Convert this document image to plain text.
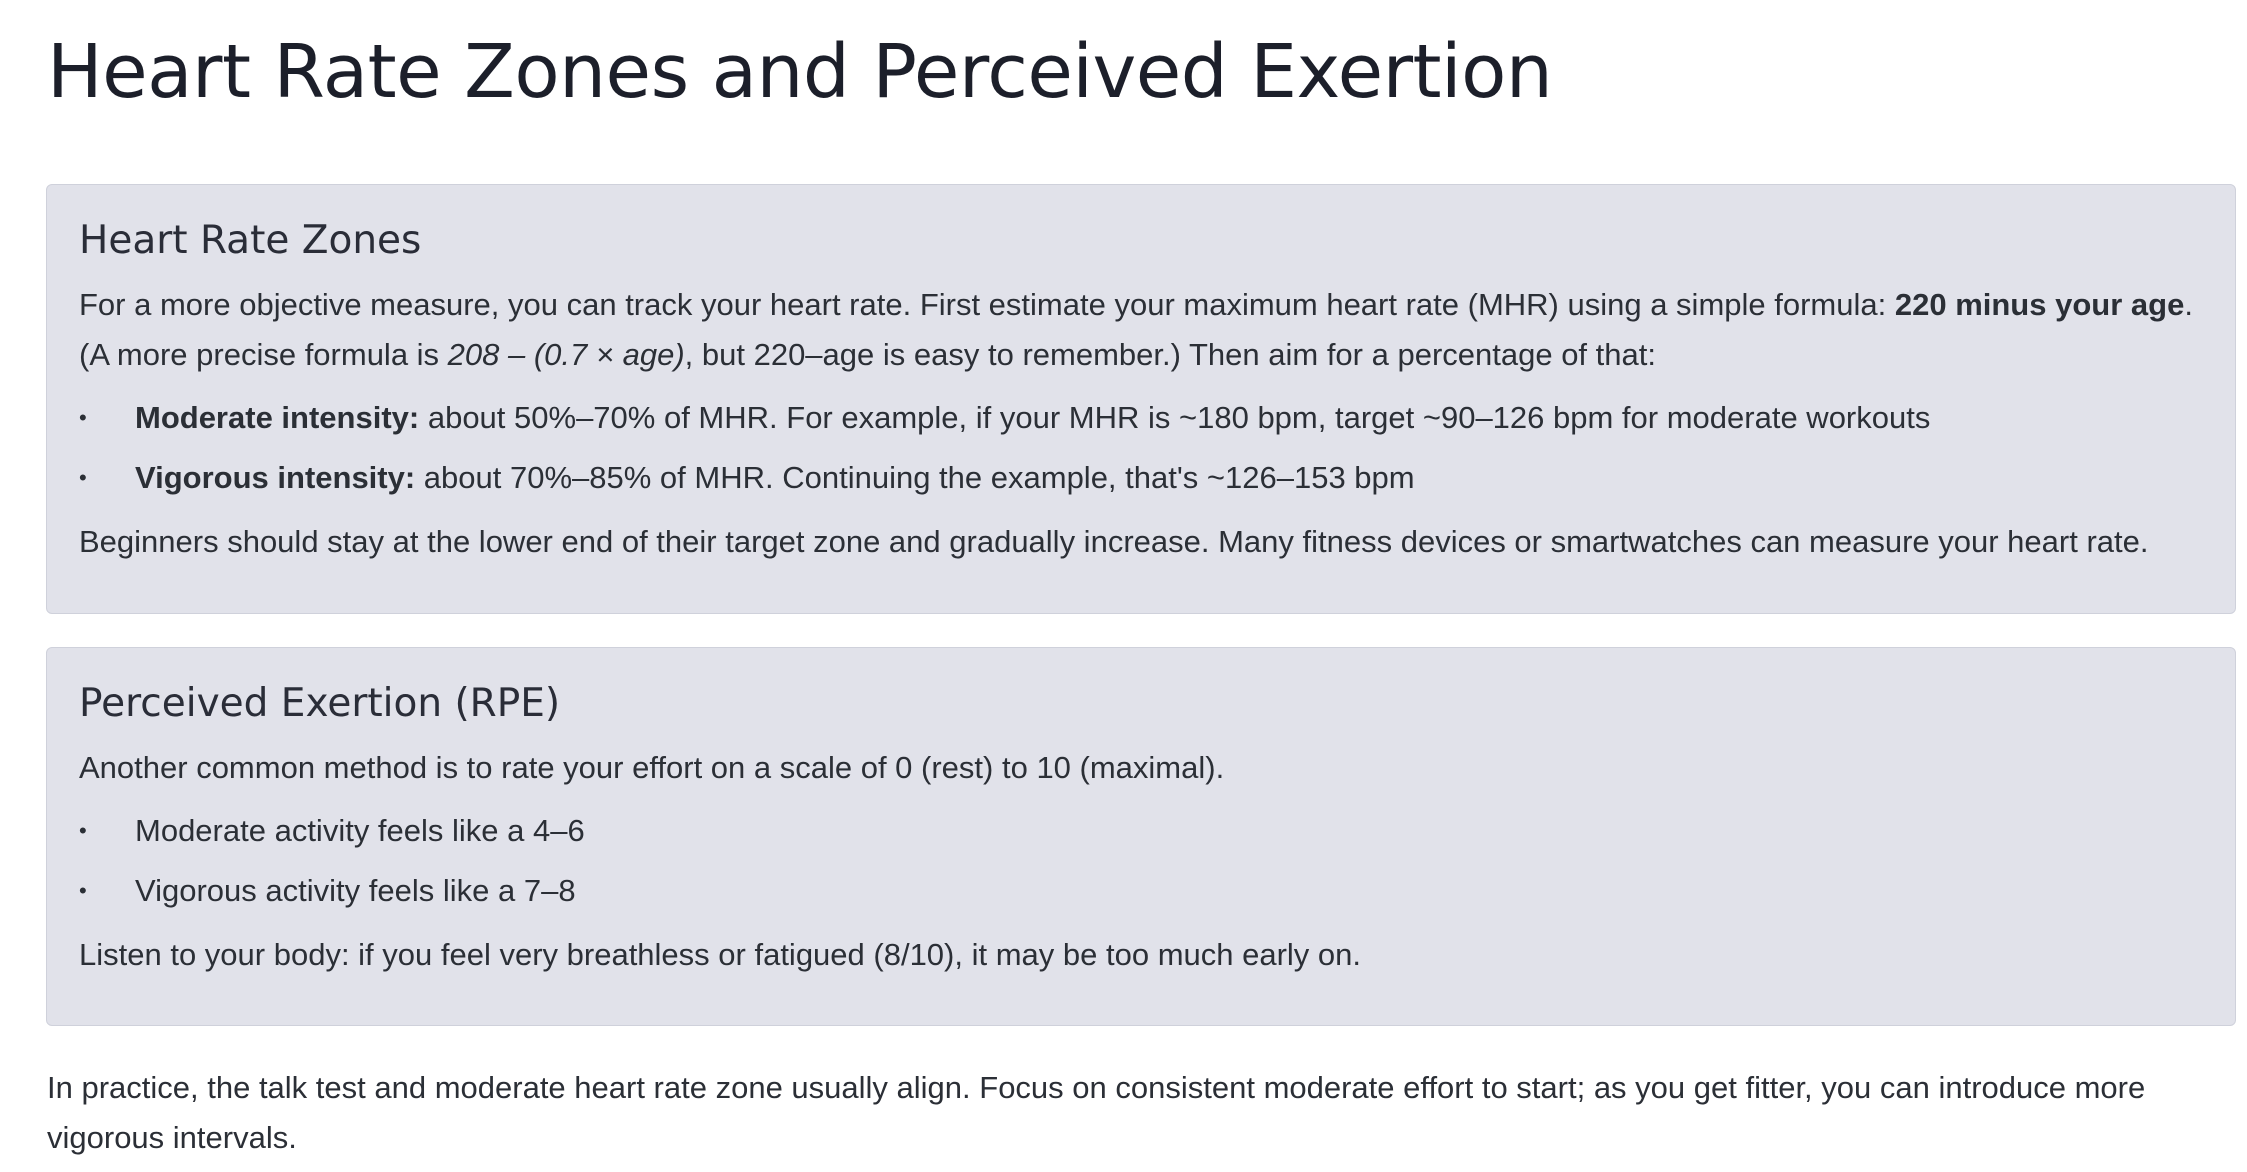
Heart Rate Zones and Perceived Exertion
Heart Rate Zones

For a more objective measure, you can track your heart rate. First estimate your maximum heart rate (MHR) using a simple formula: 220 minus your age. (A more precise formula is 208 – (0.7 × age), but 220–age is easy to remember.) Then aim for a percentage of that:

• Moderate intensity: about 50%–70% of MHR. For example, if your MHR is ~180 bpm, target ~90–126 bpm for moderate workouts
• Vigorous intensity: about 70%–85% of MHR. Continuing the example, that's ~126–153 bpm

Beginners should stay at the lower end of their target zone and gradually increase. Many fitness devices or smartwatches can measure your heart rate.

Perceived Exertion (RPE)

Another common method is to rate your effort on a scale of 0 (rest) to 10 (maximal).

• Moderate activity feels like a 4–6
• Vigorous activity feels like a 7–8

Listen to your body: if you feel very breathless or fatigued (8/10), it may be too much early on.

In practice, the talk test and moderate heart rate zone usually align. Focus on consistent moderate effort to start; as you get fitter, you can introduce more vigorous intervals.
